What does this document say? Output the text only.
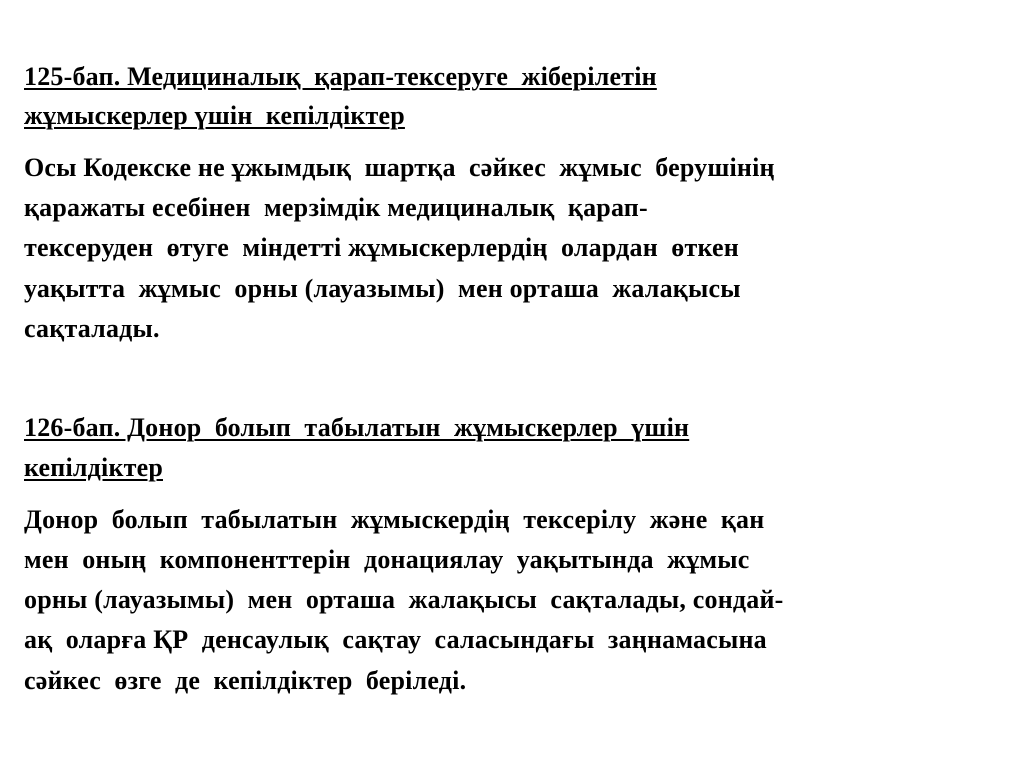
125-бап. Медициналық  қарап-тексеруге  жіберілетін

жұмыскерлер үшін  кепілдіктер

Осы Кодекске не ұжымдық  шартқа  сәйкес  жұмыс  берушінің

қаражаты есебінен  мерзімдік медициналық  қарап-

тексеруден  өтуге  міндетті жұмыскерлердің  олардан  өткен

уақытта  жұмыс  орны (лауазымы)  мен орташа  жалақысы

сақталады.

126-бап. Донор  болып  табылатын  жұмыскерлер  үшін

кепілдіктер

Донор  болып  табылатын  жұмыскердің  тексерілу  және  қан

мен  оның  компоненттерін  донациялау  уақытында  жұмыс

орны (лауазымы)  мен  орташа  жалақысы  сақталады, сондай-

ақ  оларға ҚР  денсаулық  сақтау  саласындағы  заңнамасына

сәйкес  өзге  де  кепілдіктер  беріледі.
